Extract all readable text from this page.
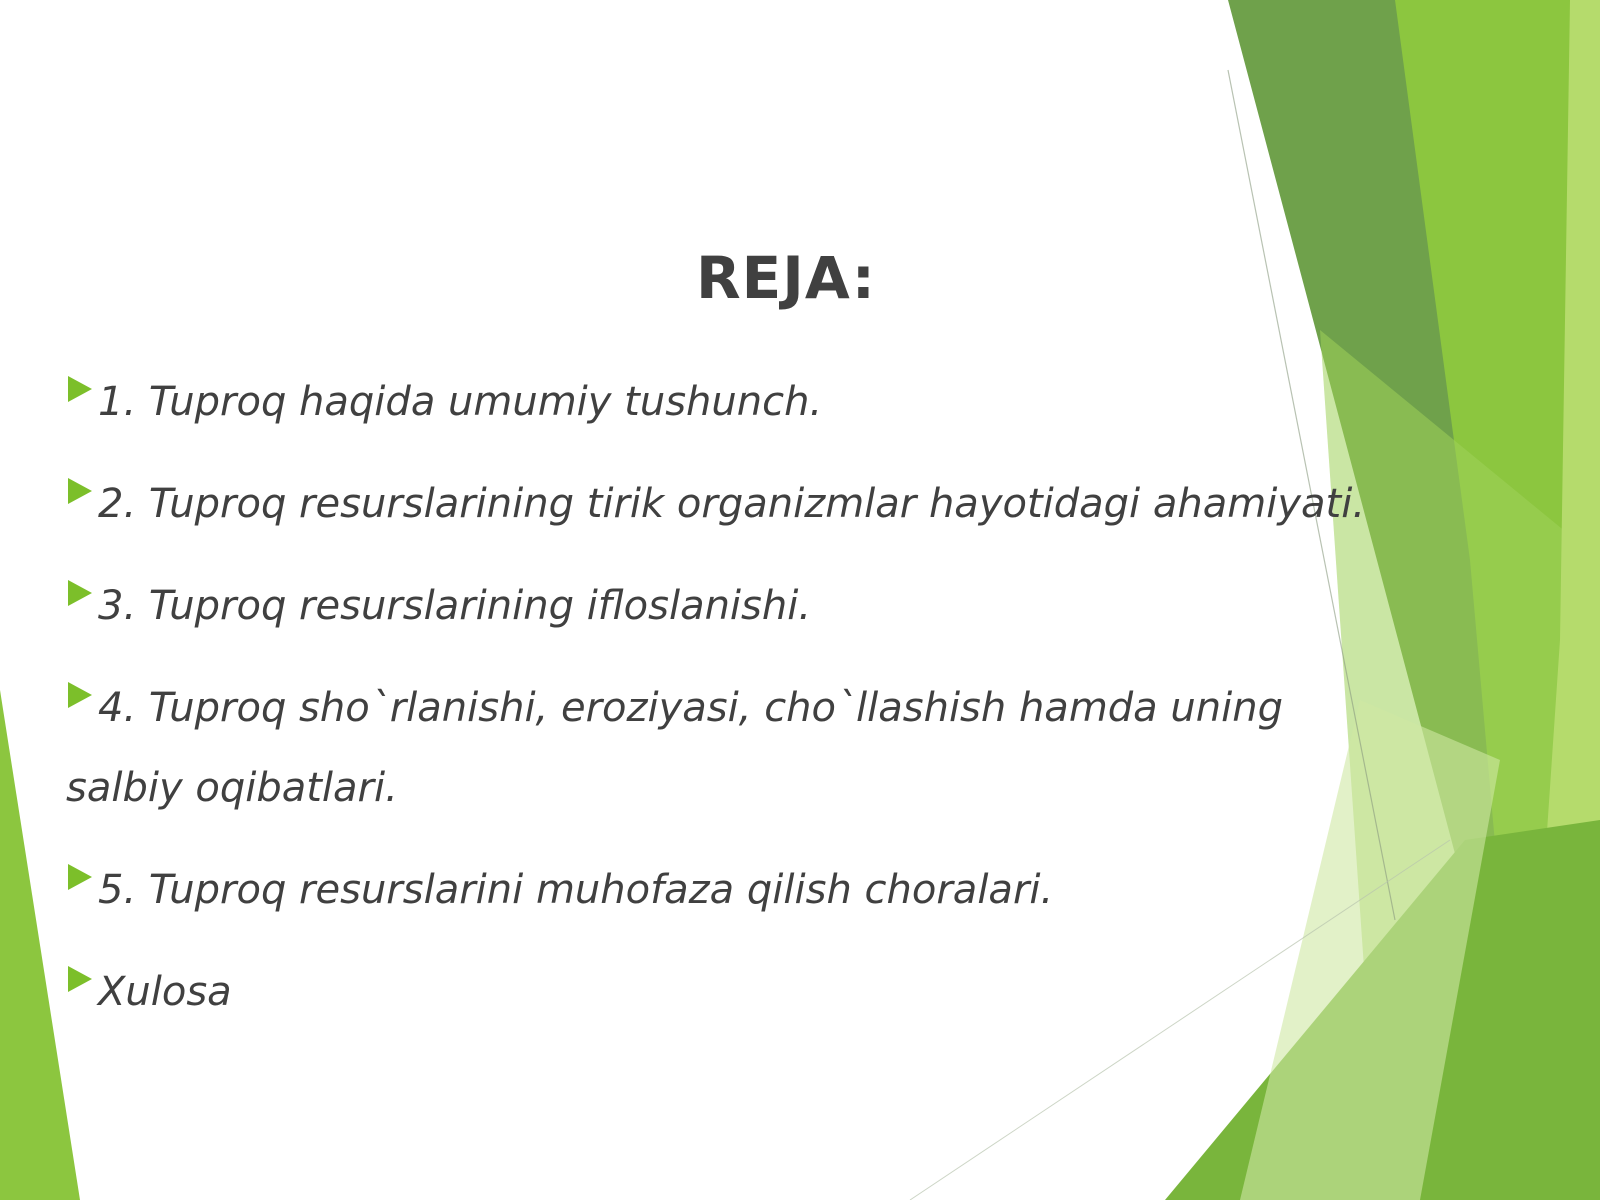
REJA:
1. Tuproq haqida umumiy tushunch.
2. Tuproq resurslarining tirik organizmlar hayotidagi ahamiyati.
3. Tuproq resurslarining ifloslanishi.
4. Tuproq sho`rlanishi, eroziyasi, cho`llashish hamda uning salbiy oqibatlari.
5. Tuproq resurslarini muhofaza qilish choralari.
Xulosa
